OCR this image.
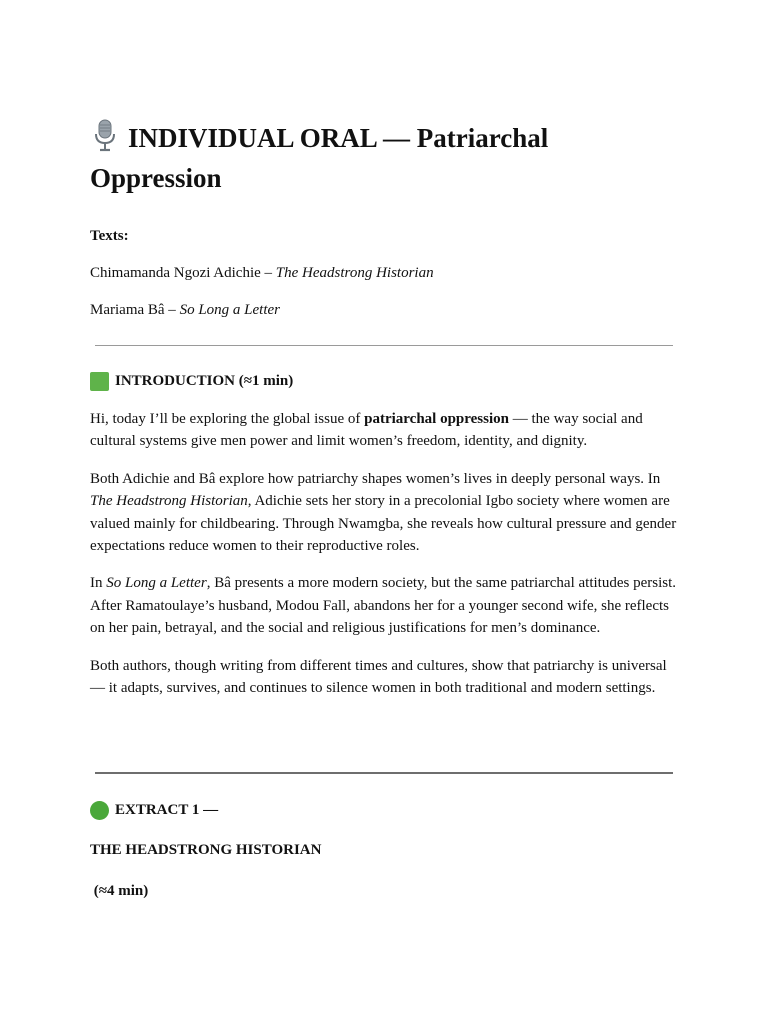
INDIVIDUAL ORAL — Patriarchal Oppression

Texts:

Chimamanda Ngozi Adichie – The Headstrong Historian

Mariama Bâ – So Long a Letter

INTRODUCTION (≈1 min)

Hi, today I’ll be exploring the global issue of patriarchal oppression — the way social and cultural systems give men power and limit women’s freedom, identity, and dignity.

Both Adichie and Bâ explore how patriarchy shapes women’s lives in deeply personal ways. In The Headstrong Historian, Adichie sets her story in a precolonial Igbo society where women are valued mainly for childbearing. Through Nwamgba, she reveals how cultural pressure and gender expectations reduce women to their reproductive roles.

In So Long a Letter, Bâ presents a more modern society, but the same patriarchal attitudes persist. After Ramatoulaye’s husband, Modou Fall, abandons her for a younger second wife, she reflects on her pain, betrayal, and the social and religious justifications for men’s dominance.

Both authors, though writing from different times and cultures, show that patriarchy is universal — it adapts, survives, and continues to silence women in both traditional and modern settings.

EXTRACT 1 —

THE HEADSTRONG HISTORIAN

(≈4 min)
